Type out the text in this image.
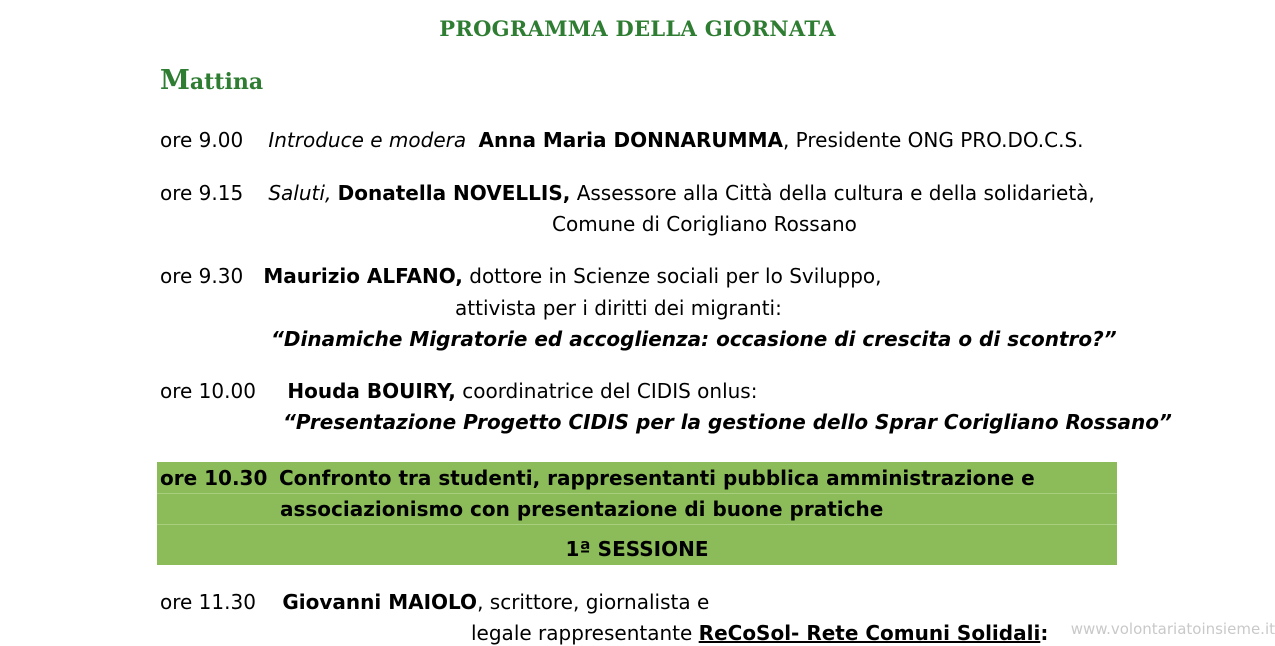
PROGRAMMA DELLA GIORNATA
Mattina
ore 9.00 Introduce e modera Anna Maria DONNARUMMA, Presidente ONG PRO.DO.C.S.
ore 9.15 Saluti, Donatella NOVELLIS, Assessore alla Città della cultura e della solidarietà,
Comune di Corigliano Rossano
ore 9.30 Maurizio ALFANO, dottore in Scienze sociali per lo Sviluppo,
attivista per i diritti dei migranti:
“Dinamiche Migratorie ed accoglienza: occasione di crescita o di scontro?”
ore 10.00 Houda BOUIRY, coordinatrice del CIDIS onlus:
“Presentazione Progetto CIDIS per la gestione dello Sprar Corigliano Rossano”
ore 10.30 Confronto tra studenti, rappresentanti pubblica amministrazione e
associazionismo con presentazione di buone pratiche
1ª SESSIONE
ore 11.30 Giovanni MAIOLO, scrittore, giornalista e
legale rappresentante ReCoSol- Rete Comuni Solidali: www.volontariatoinsieme.it
